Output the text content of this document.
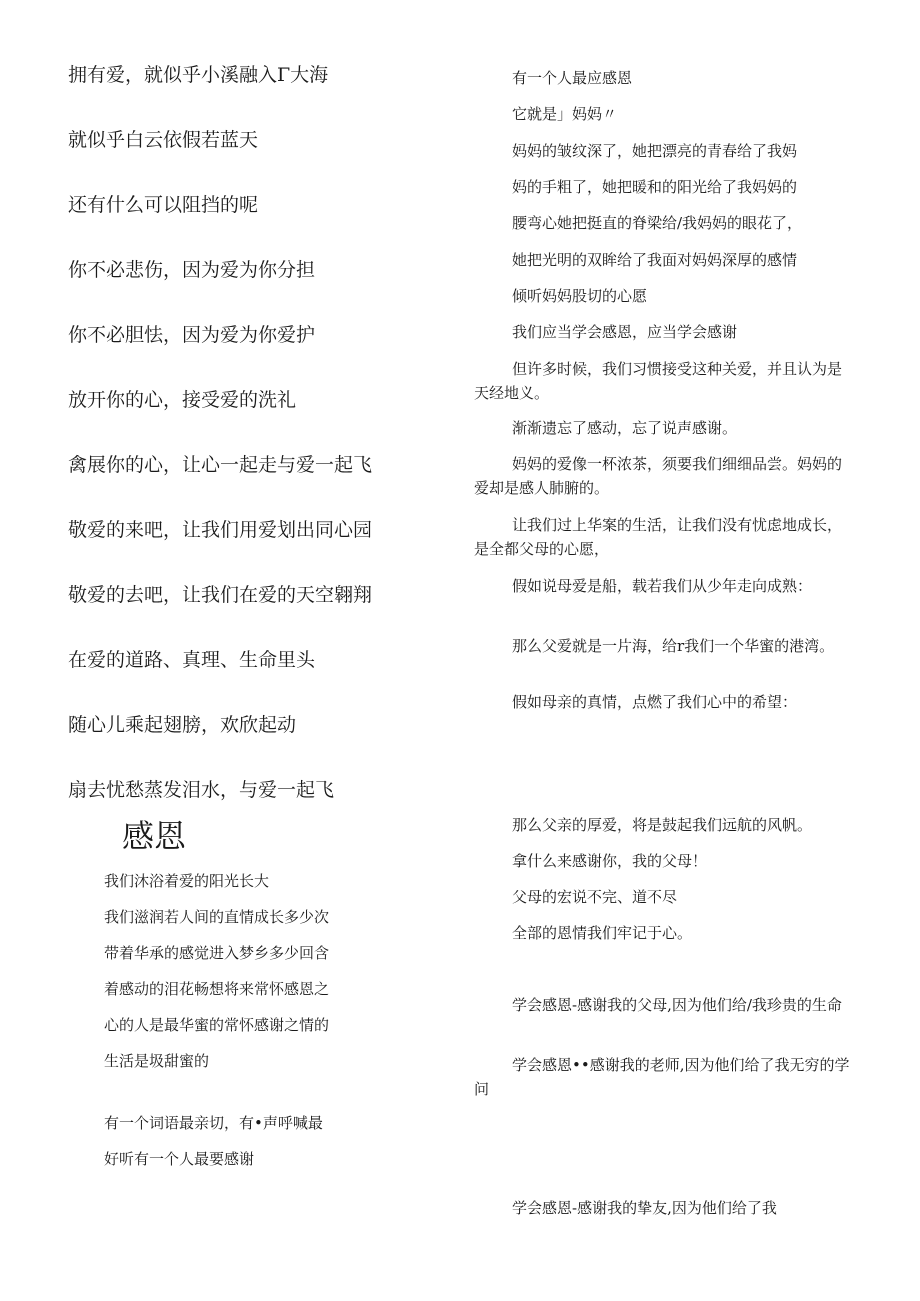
拥有爱，就似乎小溪融入Γ大海
就似乎白云依假若蓝天
还有什么可以阻挡的呢
你不必悲伤，因为爱为你分担
你不必胆怯，因为爱为你爱护
放开你的心，接受爱的洗礼
禽展你的心，让心一起走与爱一起飞
敬爱的来吧，让我们用爱划出同心园
敬爱的去吧，让我们在爱的天空翱翔
在爱的道路、真理、生命里头
随心儿乘起翅膀，欢欣起动
扇去忧愁蒸发泪水，与爱一起飞
感恩
我们沐浴着爱的阳光长大
我们滋润若人间的直情成长多少次
带着华承的感觉进入梦乡多少回含
着感动的泪花畅想将来常怀感恩之
心的人是最华蜜的常怀感谢之情的
生活是圾甜蜜的
有一个词语最亲切，有•声呼喊最
好听有一个人最要感谢

有一个人最应感恩

它就是」妈妈〃

妈妈的皱纹深了，她把漂亮的青春给了我妈

妈的手粗了，她把暖和的阳光给了我妈妈的

腰弯心她把挺直的脊梁给/我妈妈的眼花了，

她把光明的双眸给了我面对妈妈深厚的感情

倾听妈妈股切的心愿

我们应当学会感恩，应当学会感谢

但许多时候，我们习惯接受这种关爱，并且认为是天经地义。

渐渐遗忘了感动，忘了说声感谢。

妈妈的爱像一杯浓茶，须要我们细细品尝。妈妈的爱却是感人肺腑的。

让我们过上华案的生活，让我们没有忧虑地成长，是全都父母的心愿，

假如说母爱是船，载若我们从少年走向成熟：

那么父爱就是一片海，给r我们一个华蜜的港湾。

假如母亲的真情，点燃了我们心中的希望：

那么父亲的厚爱，将是鼓起我们远航的风帆。

拿什么来感谢你，我的父母！

父母的宏说不完、道不尽

全部的恩情我们牢记于心。

学会感恩-感谢我的父母,因为他们给/我珍贵的生命

学会感恩••感谢我的老师,因为他们给了我无穷的学问

学会感恩-感谢我的挚友,因为他们给了我
